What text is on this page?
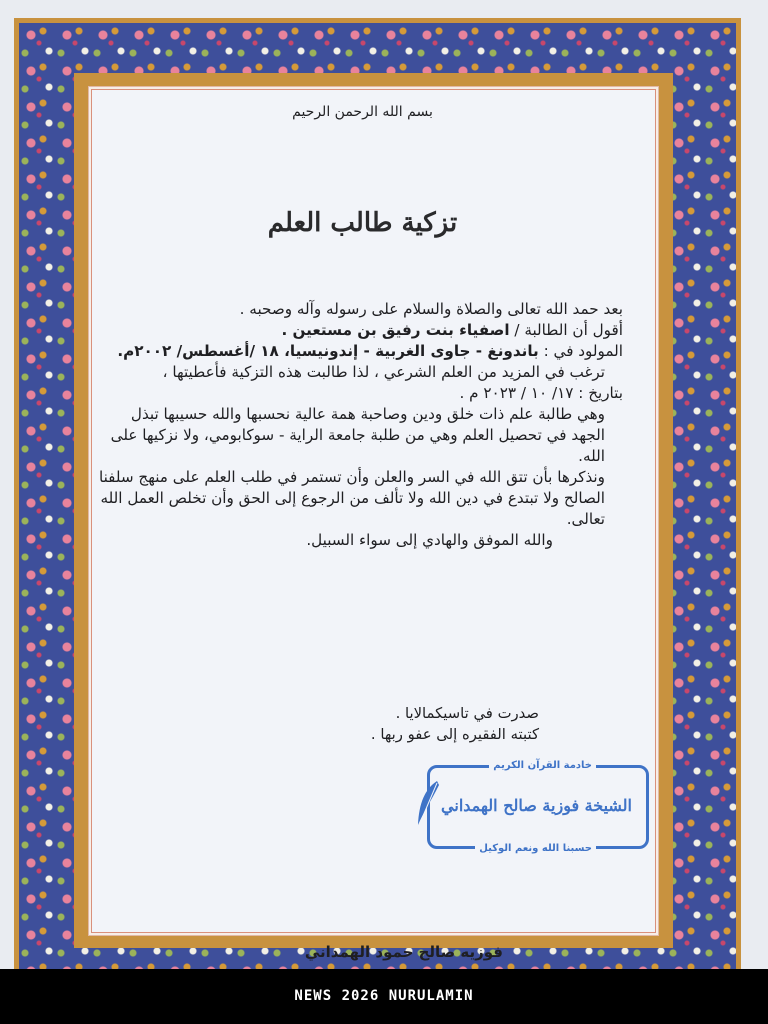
بسم الله الرحمن الرحيم
تزكية طالب العلم

بعد حمد الله تعالى والصلاة والسلام على رسوله وآله وصحبه .

أقول أن الطالبة / اصفياء بنت رفيق بن مستعين .

المولود في : باندونغ - جاوى الغربية - إندونيسيا، ١٨ /أغسطس/ ٢٠٠٢م.

ترغب في المزيد من العلم الشرعي ، لذا طالبت هذه التزكية فأعطيتها ،

بتاريخ : ١٧/ ١٠ / ٢٠٢٣ م .

وهي طالبة علم ذات خلق ودين وصاحبة همة عالية نحسبها والله حسيبها تبذل الجهد في تحصيل العلم وهي من طلبة جامعة الراية - سوكابومي، ولا نزكيها على الله.

ونذكرها بأن تتق الله في السر والعلن وأن تستمر في طلب العلم على منهج سلفنا الصالح ولا تبتدع في دين الله ولا تألف من الرجوع إلى الحق وأن تخلص العمل الله تعالى.

والله الموفق والهادي إلى سواء السبيل.

صدرت في تاسيكمالايا .
كتبته الفقيره إلى عفو ربها .
فوزيه صالح حمود الهمداني
خادمة القرآن الكريم
الشيخة فوزية صالح الهمداني
حسبنا الله ونعم الوكيل
NEWS 2026 NURULAMIN
